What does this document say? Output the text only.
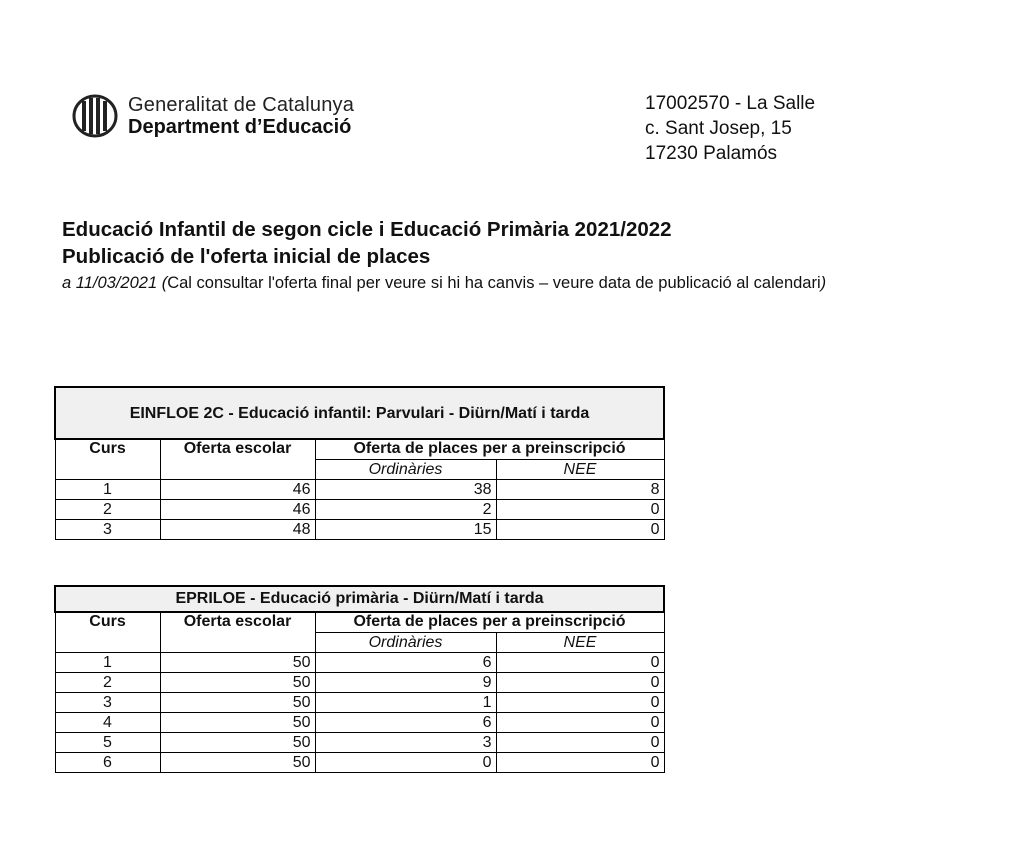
Generalitat de Catalunya
Department d’Educació
17002570 - La Salle
c. Sant Josep, 15
17230 Palamós
Educació Infantil de segon cicle i Educació Primària 2021/2022
Publicació de l'oferta inicial de places
a 11/03/2021 (Cal consultar l'oferta final per veure si hi ha canvis – veure data de publicació al calendari)
EINFLOE 2C - Educació infantil: Parvulari - Diürn/Matí i tarda			
Curs	Oferta escolar	Oferta de places per a preinscripció	
		Ordinàries	NEE
1	46	38	8
2	46	2	0
3	48	15	0
EPRILOE - Educació primària - Diürn/Matí i tarda			
Curs	Oferta escolar	Oferta de places per a preinscripció	
		Ordinàries	NEE
1	50	6	0
2	50	9	0
3	50	1	0
4	50	6	0
5	50	3	0
6	50	0	0
